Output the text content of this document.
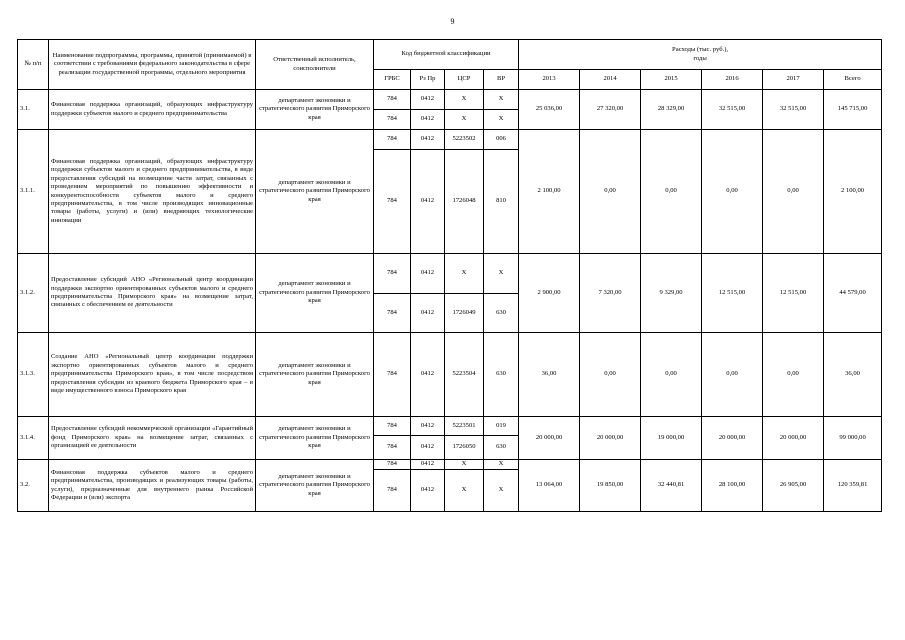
9
№ п/п	Наименование подпрограммы, программы, принятой (принимаемой) в соответствии с требованиями федерального законодательства в сфере реализации государственной программы, отдельного мероприятия	Ответственный исполнитель, соисполнители	Код бюджетной классификации				Расходы (тыс. руб.), годы					
			ГРБС	Рз Пр	ЦСР	ВР	2013	2014	2015	2016	2017	Всего
3.1.	Финансовая поддержка организаций, образующих инфраструктуру поддержки субъектов малого и среднего предпринимательства	департамент экономики и стратегического развития Приморского края	784	0412	X	X	25 036,00	27 320,00	28 329,00	32 515,00	32 515,00	145 715,00
			784	0412	X	X						
3.1.1.	Финансовая поддержка организаций, образующих инфраструктуру поддержки субъектов малого и среднего предпринимательства, в виде предоставления субсидий на возмещение части затрат, связанных с проведением мероприятий по повышению эффективности и конкурентоспособности субъектов малого и среднего предпринимательства, в том числе производящих инновационные товары (работы, услуги) и (или) внедряющих технологические инновации	департамент экономики и стратегического развития Приморского края	784	0412	5223502	006	2 100,00	0,00	0,00	0,00	0,00	2 100,00
			784	0412	1726048	810						
3.1.2.	Предоставление субсидий АНО «Региональный центр координации поддержки экспортно ориентированных субъектов малого и среднего предпринимательства Приморского края» на возмещение затрат, связанных с обеспечением ее деятельности	департамент экономики и стратегического развития Приморского края	784	0412	X	X	2 900,00	7 320,00	9 329,00	12 515,00	12 515,00	44 579,00
			784	0412	1726049	630						
3.1.3.	Создание АНО «Региональный центр координации поддержки экспортно ориентированных субъектов малого и среднего предпринимательства Приморского края», в том числе посредством предоставления субсидии из краевого бюджета Приморского края – в виде имущественного взноса Приморского края	департамент экономики и стратегического развития Приморского края	784	0412	5223504	630	36,00	0,00	0,00	0,00	0,00	36,00
3.1.4.	Предоставление субсидий некоммерческой организации «Гарантийный фонд Приморского края» на возмещение затрат, связанных с организацией ее деятельности	департамент экономики и стратегического развития Приморского края	784	0412	5223501	019	20 000,00	20 000,00	19 000,00	20 000,00	20 000,00	99 000,00
			784	0412	1726050	630						
3.2.	Финансовая поддержка субъектов малого и среднего предпринимательства, производящих и реализующих товары (работы, услуги), предназначенные для внутреннего рынка Российской Федерации и (или) экспорта	департамент экономики и стратегического развития Приморского края	784	0412	X	X	13 064,00	19 850,00	32 440,81	28 100,00	26 905,00	120 359,81
			784	0412	X	X						
